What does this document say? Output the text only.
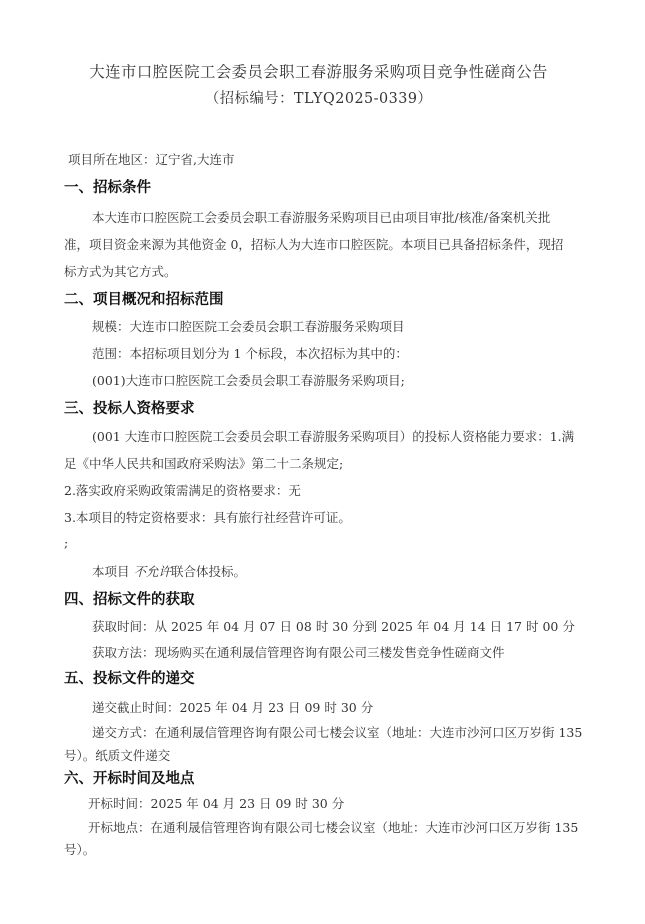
大连市口腔医院工会委员会职工春游服务采购项目竞争性磋商公告
（招标编号：TLYQ2025-0339）
项目所在地区：辽宁省,大连市
一、招标条件
本大连市口腔医院工会委员会职工春游服务采购项目已由项目审批/核准/备案机关批
准，项目资金来源为其他资金 0，招标人为大连市口腔医院。本项目已具备招标条件，现招
标方式为其它方式。
二、项目概况和招标范围
规模：大连市口腔医院工会委员会职工春游服务采购项目
范围：本招标项目划分为 1 个标段，本次招标为其中的：
(001)大连市口腔医院工会委员会职工春游服务采购项目;
三、投标人资格要求
(001 大连市口腔医院工会委员会职工春游服务采购项目）的投标人资格能力要求：1.满
足《中华人民共和国政府采购法》第二十二条规定;
2.落实政府采购政策需满足的资格要求：无
3.本项目的特定资格要求：具有旅行社经营许可证。
;
本项目 不允许联合体投标。
四、招标文件的获取
获取时间：从 2025 年 04 月 07 日 08 时 30 分到 2025 年 04 月 14 日 17 时 00 分
获取方法：现场购买在通利晟信管理咨询有限公司三楼发售竞争性磋商文件
五、投标文件的递交
递交截止时间：2025 年 04 月 23 日 09 时 30 分
递交方式：在通利晟信管理咨询有限公司七楼会议室（地址：大连市沙河口区万岁街 135
号）。纸质文件递交
六、开标时间及地点
开标时间：2025 年 04 月 23 日 09 时 30 分
开标地点：在通利晟信管理咨询有限公司七楼会议室（地址：大连市沙河口区万岁街 135
号）。
